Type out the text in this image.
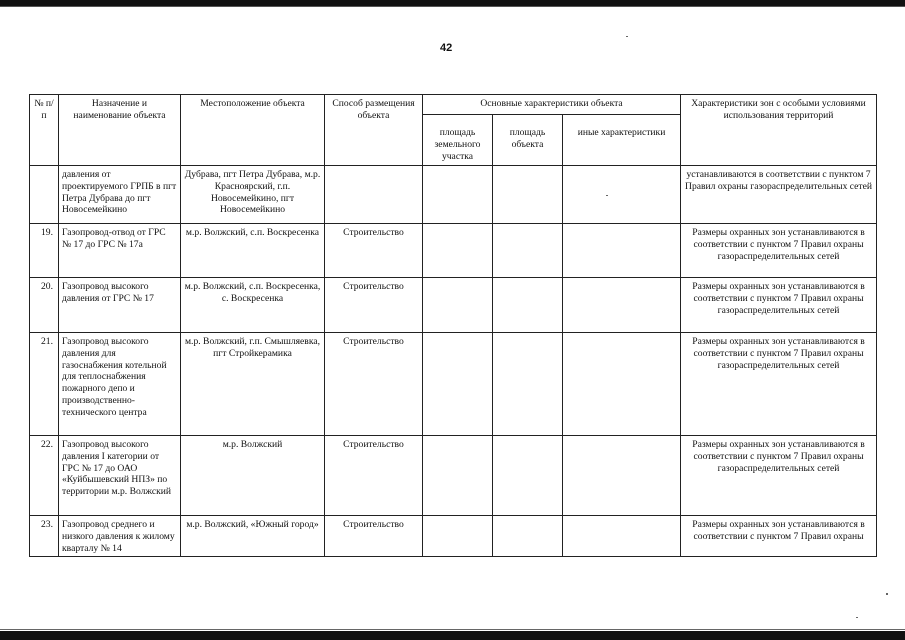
42
№ п/п	Назначение и наименование объекта	Местоположение объекта	Способ размещения объекта	Основные характеристики объекта			Характеристики зон с особыми условиями использования территорий
				площадь земельного участка	площадь объекта	иные характеристики	
	давления от проектируемого ГРПБ в пгт Петра Дубрава до пгт Новосемейкино	Дубрава, пгт Петра Дубрава, м.р. Красноярский, г.п. Новосемейкино, пгт Новосемейкино					устанавливаются в соответствии с пунктом 7 Правил охраны газораспределительных сетей
19.	Газопровод-отвод от ГРС № 17 до ГРС № 17а	м.р. Волжский, с.п. Воскресенка	Строительство				Размеры охранных зон устанавливаются в соответствии с пунктом 7 Правил охраны газораспределительных сетей
20.	Газопровод высокого давления от ГРС № 17	м.р. Волжский, с.п. Воскресенка, с. Воскресенка	Строительство				Размеры охранных зон устанавливаются в соответствии с пунктом 7 Правил охраны газораспределительных сетей
21.	Газопровод высокого давления для газоснабжения котельной для теплоснабжения пожарного депо и производственно-технического центра	м.р. Волжский, г.п. Смышляевка, пгт Стройкерамика	Строительство				Размеры охранных зон устанавливаются в соответствии с пунктом 7 Правил охраны газораспределительных сетей
22.	Газопровод высокого давления I категории от ГРС № 17 до ОАО «Куйбышевский НПЗ» по территории м.р. Волжский	м.р. Волжский	Строительство				Размеры охранных зон устанавливаются в соответствии с пунктом 7 Правил охраны газораспределительных сетей
23.	Газопровод среднего и низкого давления к жилому кварталу № 14	м.р. Волжский, «Южный город»	Строительство				Размеры охранных зон устанавливаются в соответствии с пунктом 7 Правил охраны
